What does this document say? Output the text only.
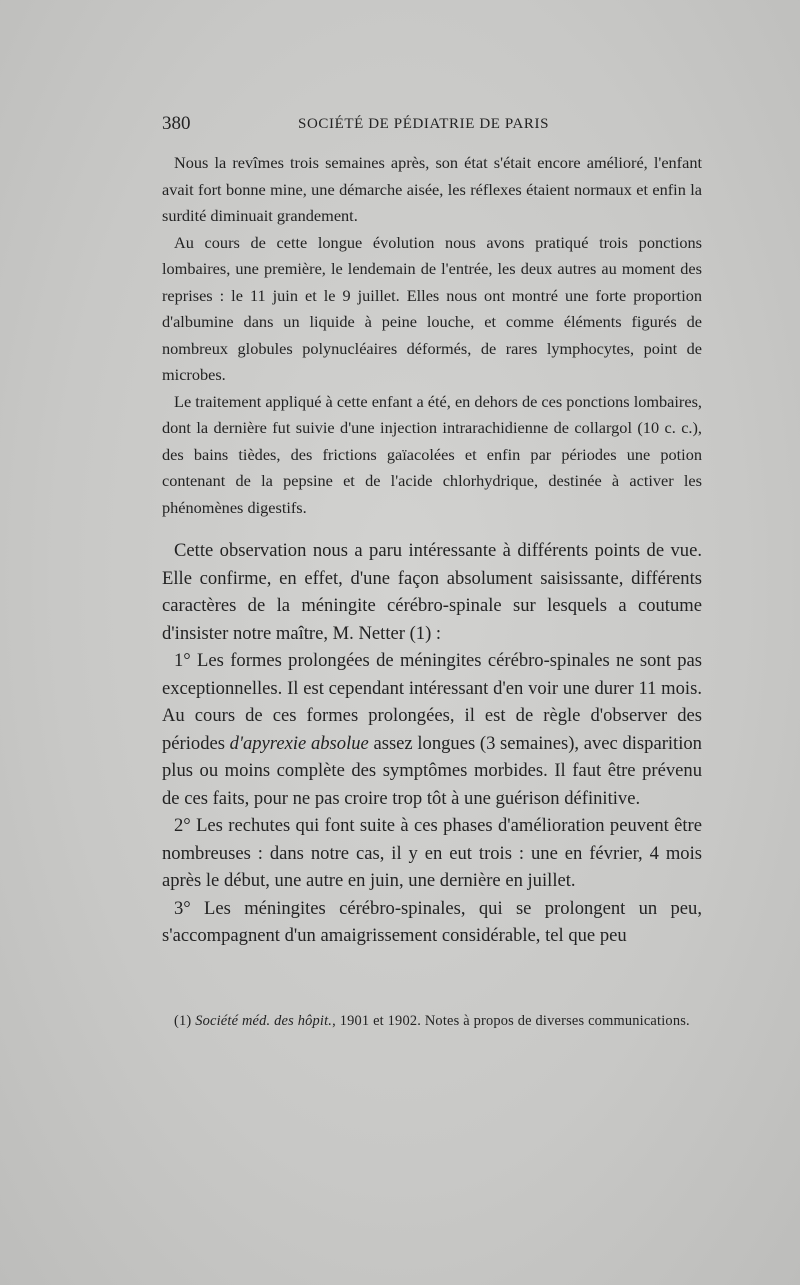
380	SOCIÉTÉ DE PÉDIATRIE DE PARIS

Nous la revîmes trois semaines après, son état s'était encore amélioré, l'enfant avait fort bonne mine, une démarche aisée, les réflexes étaient normaux et enfin la surdité diminuait grandement.

Au cours de cette longue évolution nous avons pratiqué trois ponctions lombaires, une première, le lendemain de l'entrée, les deux autres au moment des reprises : le 11 juin et le 9 juillet. Elles nous ont montré une forte proportion d'albumine dans un liquide à peine louche, et comme éléments figurés de nombreux globules polynucléaires déformés, de rares lymphocytes, point de microbes.

Le traitement appliqué à cette enfant a été, en dehors de ces ponctions lombaires, dont la dernière fut suivie d'une injection intrarachidienne de collargol (10 c. c.), des bains tièdes, des frictions gaïacolées et enfin par périodes une potion contenant de la pepsine et de l'acide chlorhydrique, destinée à activer les phénomènes digestifs.

Cette observation nous a paru intéressante à différents points de vue. Elle confirme, en effet, d'une façon absolument saisissante, différents caractères de la méningite cérébro-spinale sur lesquels a coutume d'insister notre maître, M. Netter (1) :

1° Les formes prolongées de méningites cérébro-spinales ne sont pas exceptionnelles. Il est cependant intéressant d'en voir une durer 11 mois. Au cours de ces formes prolongées, il est de règle d'observer des périodes d'apyrexie absolue assez longues (3 semaines), avec disparition plus ou moins complète des symptômes morbides. Il faut être prévenu de ces faits, pour ne pas croire trop tôt à une guérison définitive.

2° Les rechutes qui font suite à ces phases d'amélioration peuvent être nombreuses : dans notre cas, il y en eut trois : une en février, 4 mois après le début, une autre en juin, une dernière en juillet.

3° Les méningites cérébro-spinales, qui se prolongent un peu, s'accompagnent d'un amaigrissement considérable, tel que peu

(1) Société méd. des hôpit., 1901 et 1902. Notes à propos de diverses communications.
